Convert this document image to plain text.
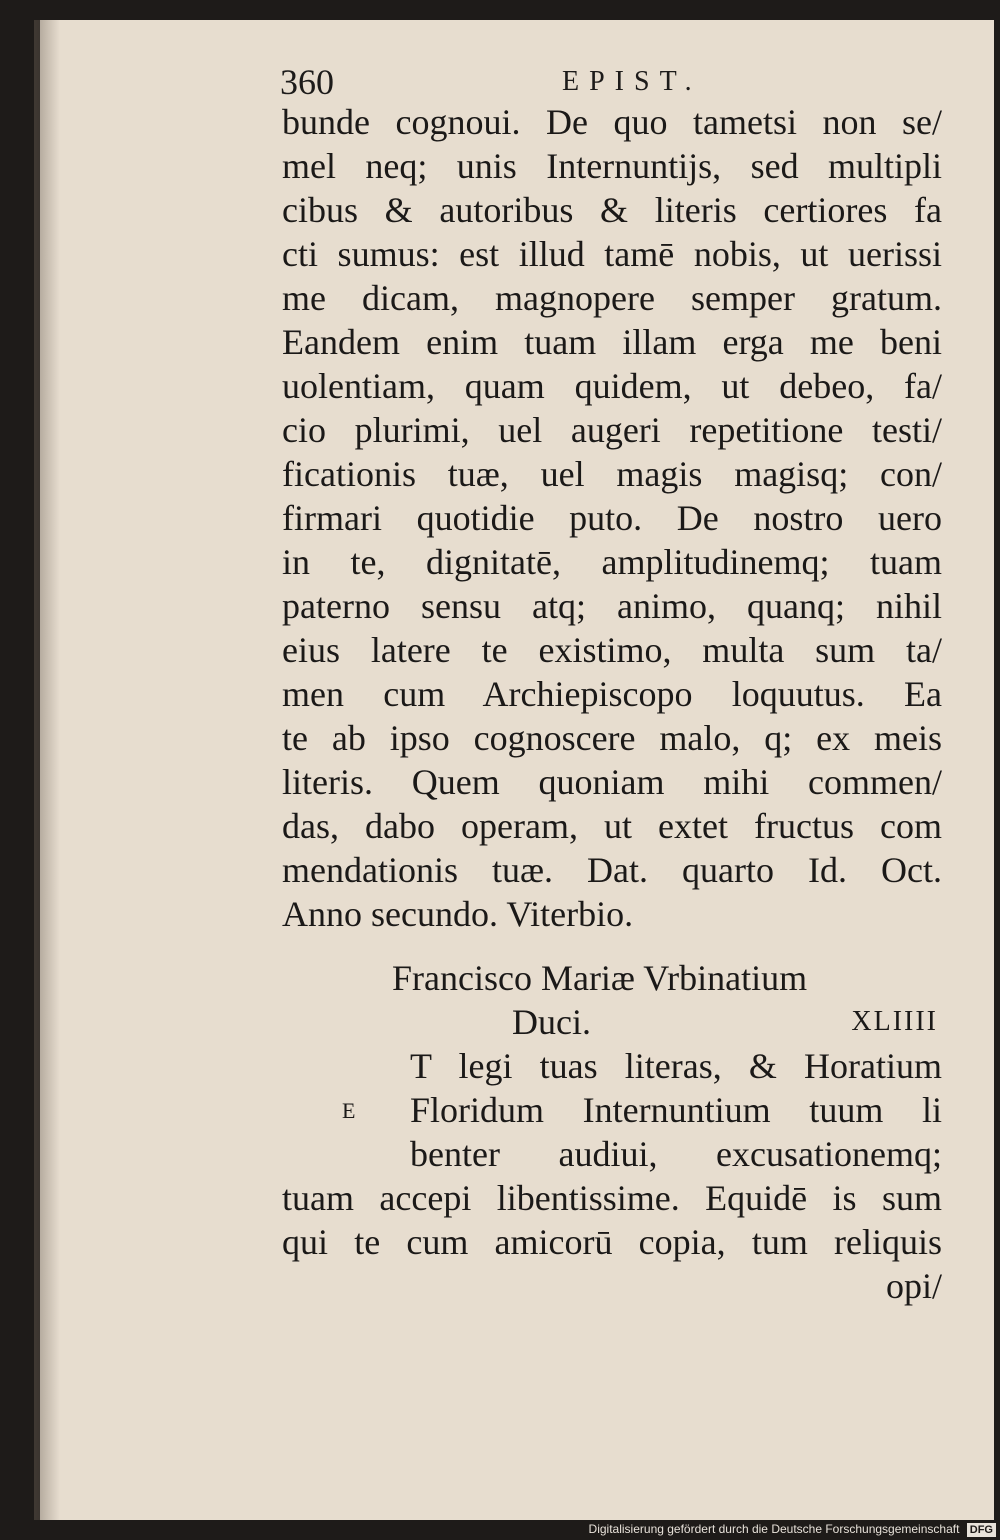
360	EPIST.
bunde cognoui. De quo tametsi non se/
mel neq; unis Internuntijs, sed multipli
cibus & autoribus & literis certiores fa
cti sumus: est illud tamē nobis, ut uerissi
me dicam, magnopere semper gratum.
Eandem enim tuam illam erga me beni
uolentiam, quam quidem, ut debeo, fa/
cio plurimi, uel augeri repetitione testi/
ficationis tuæ, uel magis magisq; con/
firmari quotidie puto. De nostro uero
in te, dignitatē, amplitudinemq; tuam
paterno sensu atq; animo, quanq; nihil
eius latere te existimo, multa sum ta/
men cum Archiepiscopo loquutus. Ea
te ab ipso cognoscere malo, q; ex meis
literis. Quem quoniam mihi commen/
das, dabo operam, ut extet fructus com
mendationis tuæ. Dat. quarto Id. Oct.
Anno secundo. Viterbio.
Francisco Mariæ Vrbinatium
Duci.	XLIIII
E
T legi tuas literas, & Horatium
Floridum Internuntium tuum li
benter audiui, excusationemq;
tuam accepi libentissime. Equidē is sum
qui te cum amicorū copia, tum reliquis
opi/
Digitalisierung gefördert durch die Deutsche Forschungsgemeinschaft DFG
